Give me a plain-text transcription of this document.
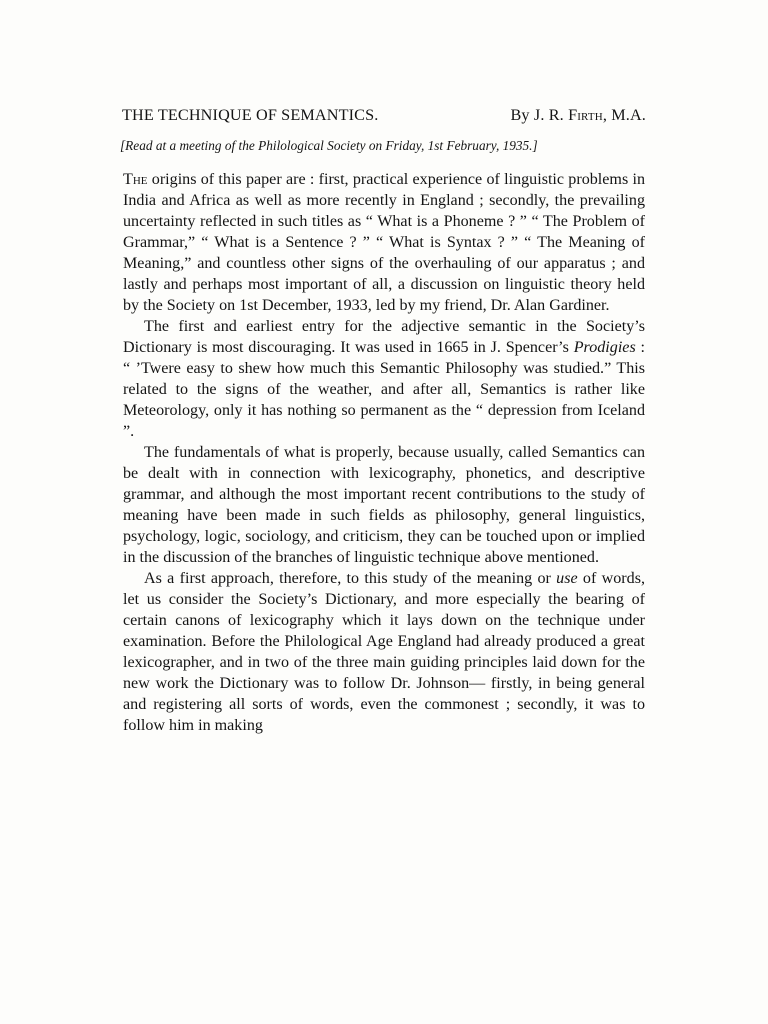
THE TECHNIQUE OF SEMANTICS.	By J. R. Firth, M.A.
[Read at a meeting of the Philological Society on Friday, 1st February, 1935.]

The origins of this paper are : first, practical experience of linguistic problems in India and Africa as well as more recently in England ; secondly, the prevailing uncertainty reflected in such titles as “ What is a Phoneme ? ” “ The Problem of Grammar,” “ What is a Sentence ? ” “ What is Syntax ? ” “ The Meaning of Meaning,” and countless other signs of the overhauling of our apparatus ; and lastly and perhaps most important of all, a discussion on linguistic theory held by the Society on 1st December, 1933, led by my friend, Dr. Alan Gardiner.

The first and earliest entry for the adjective semantic in the Society’s Dictionary is most discouraging. It was used in 1665 in J. Spencer’s Prodigies : “ ’Twere easy to shew how much this Semantic Philosophy was studied.” This related to the signs of the weather, and after all, Semantics is rather like Meteorology, only it has nothing so permanent as the “ depression from Iceland ”.

The fundamentals of what is properly, because usually, called Semantics can be dealt with in connection with lexicography, phonetics, and descriptive grammar, and although the most important recent contributions to the study of meaning have been made in such fields as philosophy, general linguistics, psychology, logic, sociology, and criticism, they can be touched upon or implied in the discussion of the branches of linguistic technique above mentioned.

As a first approach, therefore, to this study of the meaning or use of words, let us consider the Society’s Dictionary, and more especially the bearing of certain canons of lexicography which it lays down on the technique under examination. Before the Philological Age England had already produced a great lexicographer, and in two of the three main guiding principles laid down for the new work the Dictionary was to follow Dr. Johnson— firstly, in being general and registering all sorts of words, even the commonest ; secondly, it was to follow him in making
